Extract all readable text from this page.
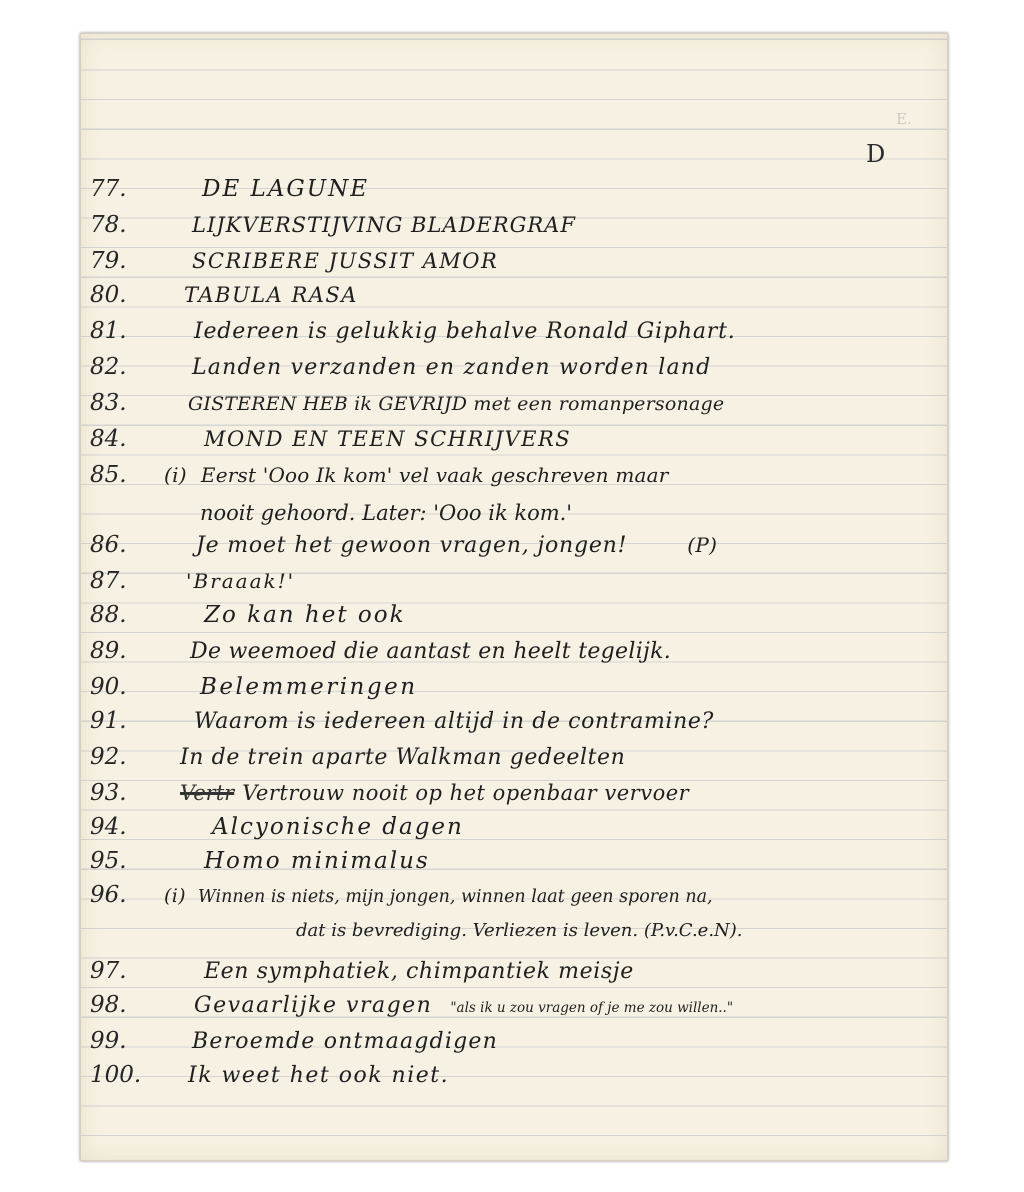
E.
D
77.	DE LAGUNE
78.	LIJKVERSTIJVING BLADERGRAF
79.	SCRIBERE JUSSIT AMOR
80.	TABULA RASA
81.	Iedereen is gelukkig behalve Ronald Giphart.
82.	Landen verzanden en zanden worden land
83.	GISTEREN HEB ik GEVRIJD met een romanpersonage
84.	MOND EN TEEN SCHRIJVERS
85.	(i) Eerst 'Ooo Ik kom' vel vaak geschreven maar
nooit gehoord. Later: 'Ooo ik kom.'
86.	Je moet het gewoon vragen, jongen!	(P)
87.	'Braaak!'
88.	Zo kan het ook
89.	De weemoed die aantast en heelt tegelijk.
90.	Belemmeringen
91.	Waarom is iedereen altijd in de contramine?
92.	In de trein aparte Walkman gedeelten
93.	Vertr Vertrouw nooit op het openbaar vervoer
94.	Alcyonische dagen
95.	Homo minimalus
96.	(i) Winnen is niets, mijn jongen, winnen laat geen sporen na,
dat is bevrediging. Verliezen is leven. (P.v.C.e.N).
97.	Een symphatiek, chimpantiek meisje
98.	Gevaarlijke vragen	"als ik u zou vragen of je me zou willen.."
99.	Beroemde ontmaagdigen
100.	Ik weet het ook niet.
